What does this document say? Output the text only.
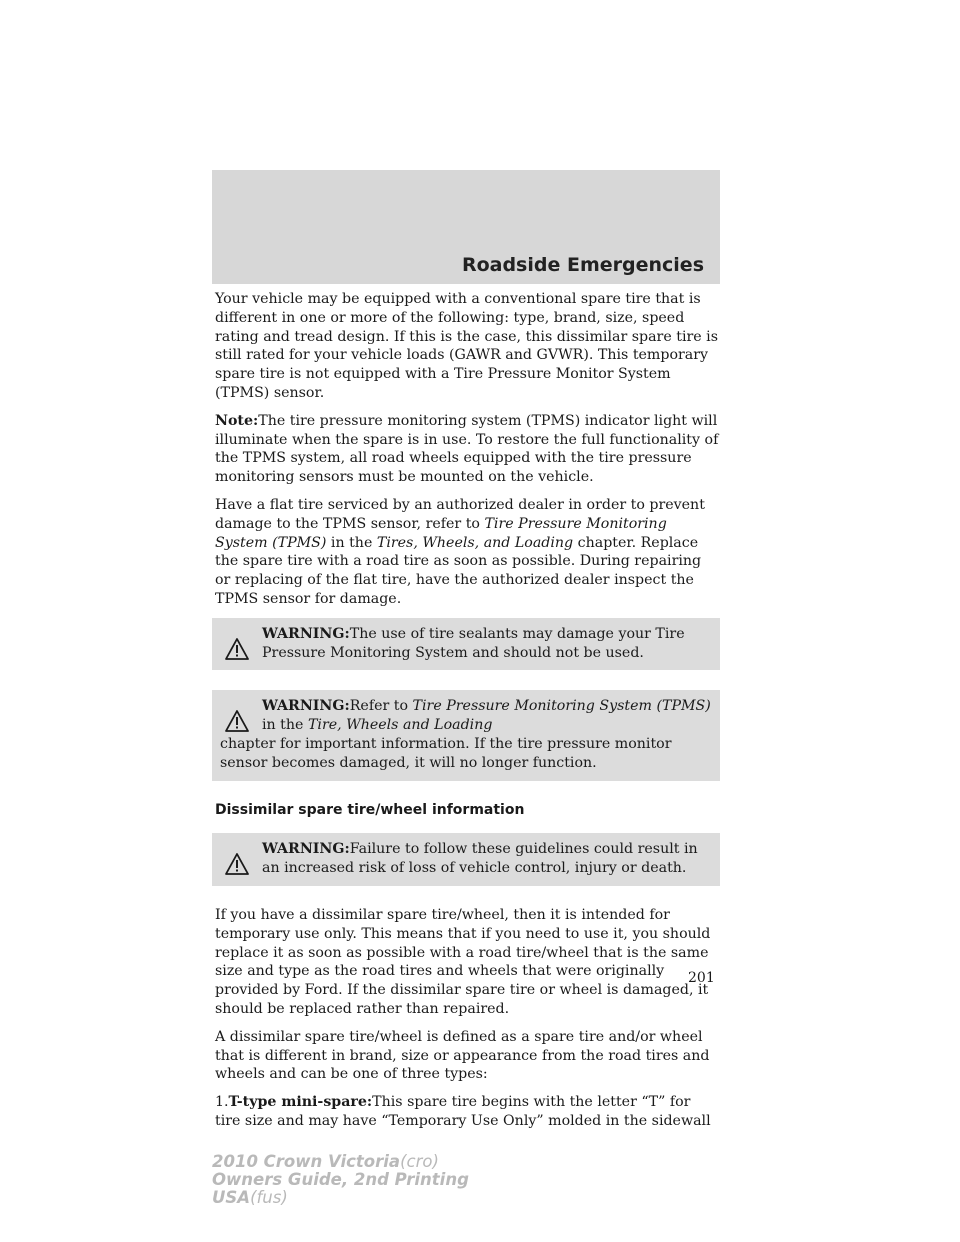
Roadside Emergencies

Your vehicle may be equipped with a conventional spare tire that is different in one or more of the following: type, brand, size, speed rating and tread design. If this is the case, this dissimilar spare tire is still rated for your vehicle loads (GAWR and GVWR). This temporary spare tire is not equipped with a Tire Pressure Monitor System (TPMS) sensor.

Note:The tire pressure monitoring system (TPMS) indicator light will illuminate when the spare is in use. To restore the full functionality of the TPMS system, all road wheels equipped with the tire pressure monitoring sensors must be mounted on the vehicle.

Have a flat tire serviced by an authorized dealer in order to prevent damage to the TPMS sensor, refer to Tire Pressure Monitoring System (TPMS) in the Tires, Wheels, and Loading chapter. Replace the spare tire with a road tire as soon as possible. During repairing or replacing of the flat tire, have the authorized dealer inspect the TPMS sensor for damage.

WARNING:The use of tire sealants may damage your Tire Pressure Monitoring System and should not be used.
WARNING:Refer to Tire Pressure Monitoring System (TPMS) in the Tire, Wheels and Loading
chapter for important information. If the tire pressure monitor sensor becomes damaged, it will no longer function.
Dissimilar spare tire/wheel information
WARNING:Failure to follow these guidelines could result in an increased risk of loss of vehicle control, injury or death.

If you have a dissimilar spare tire/wheel, then it is intended for temporary use only. This means that if you need to use it, you should replace it as soon as possible with a road tire/wheel that is the same size and type as the road tires and wheels that were originally provided by Ford. If the dissimilar spare tire or wheel is damaged, it should be replaced rather than repaired.

A dissimilar spare tire/wheel is defined as a spare tire and/or wheel that is different in brand, size or appearance from the road tires and wheels and can be one of three types:

1.T-type mini-spare:This spare tire begins with the letter “T” for tire size and may have “Temporary Use Only” molded in the sidewall

201
2010 Crown Victoria(cro)
Owners Guide, 2nd Printing
USA(fus)
